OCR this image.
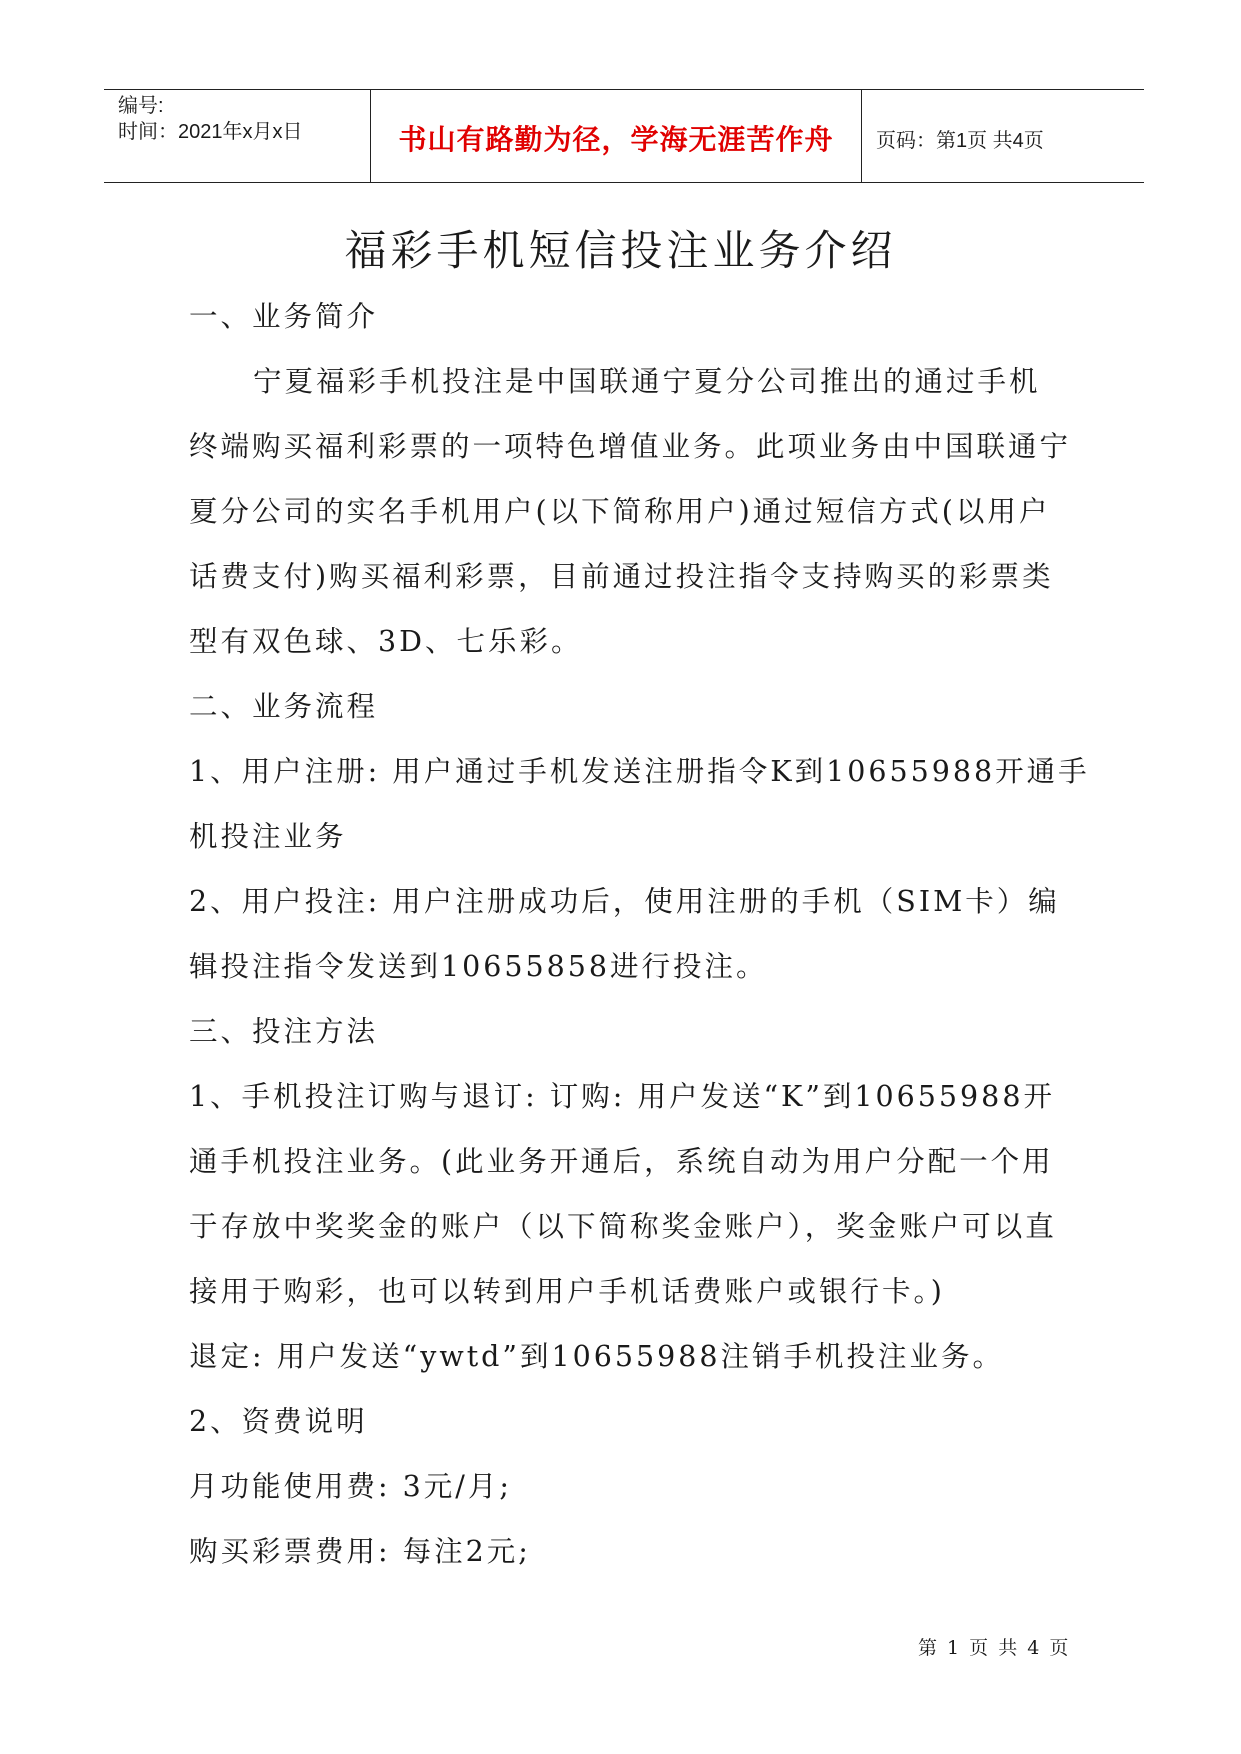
编号:
时间：2021年x月x日	书山有路勤为径，学海无涯苦作舟	页码：第1页 共4页
福彩手机短信投注业务介绍
一、业务简介
宁夏福彩手机投注是中国联通宁夏分公司推出的通过手机
终端购买福利彩票的一项特色增值业务。此项业务由中国联通宁
夏分公司的实名手机用户(以下简称用户)通过短信方式(以用户
话费支付)购买福利彩票，目前通过投注指令支持购买的彩票类
型有双色球、3D、七乐彩。
二、业务流程
1、用户注册: 用户通过手机发送注册指令K到10655988开通手
机投注业务
2、用户投注: 用户注册成功后，使用注册的手机（SIM卡）编
辑投注指令发送到10655858进行投注。
三、投注方法
1、手机投注订购与退订: 订购: 用户发送“K”到10655988开
通手机投注业务。(此业务开通后，系统自动为用户分配一个用
于存放中奖奖金的账户（以下简称奖金账户），奖金账户可以直
接用于购彩，也可以转到用户手机话费账户或银行卡。)
退定: 用户发送“ywtd”到10655988注销手机投注业务。
2、资费说明
月功能使用费: 3元/月;
购买彩票费用: 每注2元;
第 1 页 共 4 页
